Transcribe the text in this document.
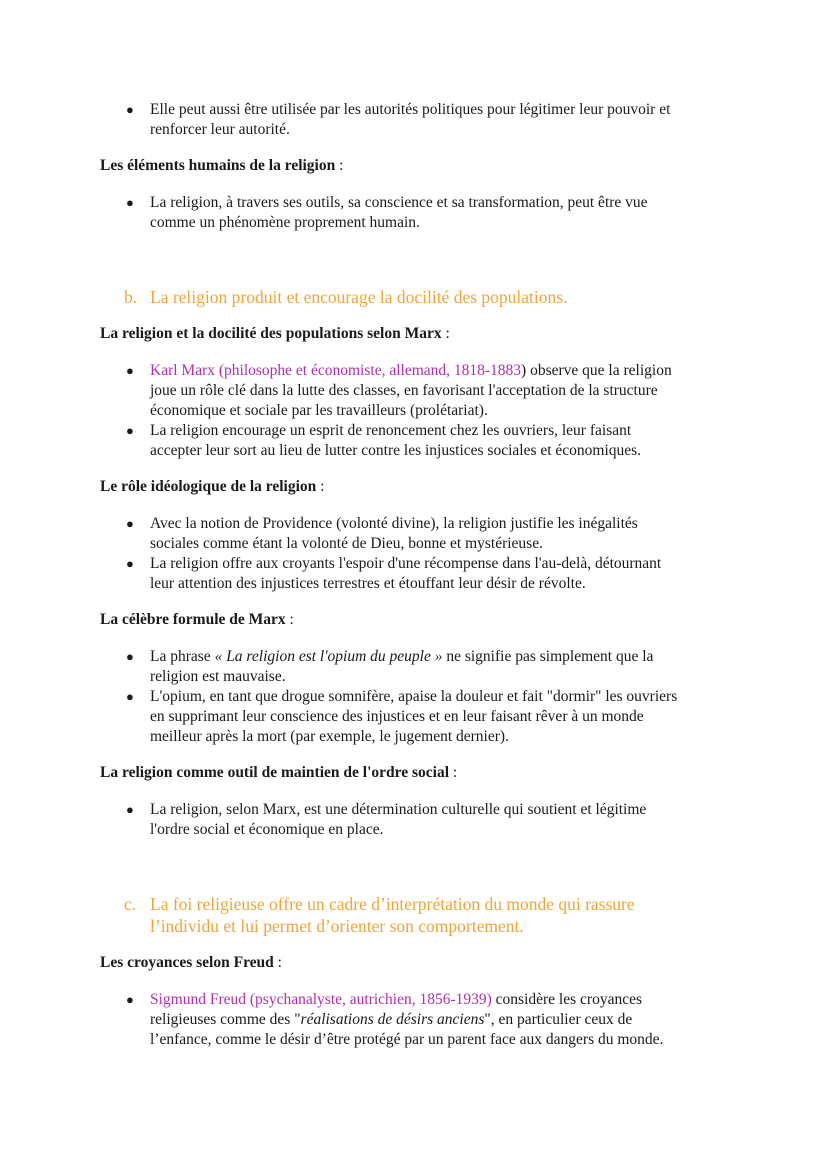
● Elle peut aussi être utilisée par les autorités politiques pour légitimer leur pouvoir et
renforcer leur autorité.
Les éléments humains de la religion :
● La religion, à travers ses outils, sa conscience et sa transformation, peut être vue
comme un phénomène proprement humain.
b. La religion produit et encourage la docilité des populations.
La religion et la docilité des populations selon Marx :
● Karl Marx (philosophe et économiste, allemand, 1818-1883) observe que la religion
joue un rôle clé dans la lutte des classes, en favorisant l'acceptation de la structure
économique et sociale par les travailleurs (prolétariat).
● La religion encourage un esprit de renoncement chez les ouvriers, leur faisant
accepter leur sort au lieu de lutter contre les injustices sociales et économiques.
Le rôle idéologique de la religion :
● Avec la notion de Providence (volonté divine), la religion justifie les inégalités
sociales comme étant la volonté de Dieu, bonne et mystérieuse.
● La religion offre aux croyants l'espoir d'une récompense dans l'au-delà, détournant
leur attention des injustices terrestres et étouffant leur désir de révolte.
La célèbre formule de Marx :
● La phrase « La religion est l'opium du peuple » ne signifie pas simplement que la
religion est mauvaise.
● L'opium, en tant que drogue somnifère, apaise la douleur et fait "dormir" les ouvriers
en supprimant leur conscience des injustices et en leur faisant rêver à un monde
meilleur après la mort (par exemple, le jugement dernier).
La religion comme outil de maintien de l'ordre social :
● La religion, selon Marx, est une détermination culturelle qui soutient et légitime
l'ordre social et économique en place.
c. La foi religieuse offre un cadre d’interprétation du monde qui rassure
l’individu et lui permet d’orienter son comportement.
Les croyances selon Freud :
● Sigmund Freud (psychanalyste, autrichien, 1856-1939) considère les croyances
religieuses comme des "réalisations de désirs anciens", en particulier ceux de
l’enfance, comme le désir d’être protégé par un parent face aux dangers du monde.
